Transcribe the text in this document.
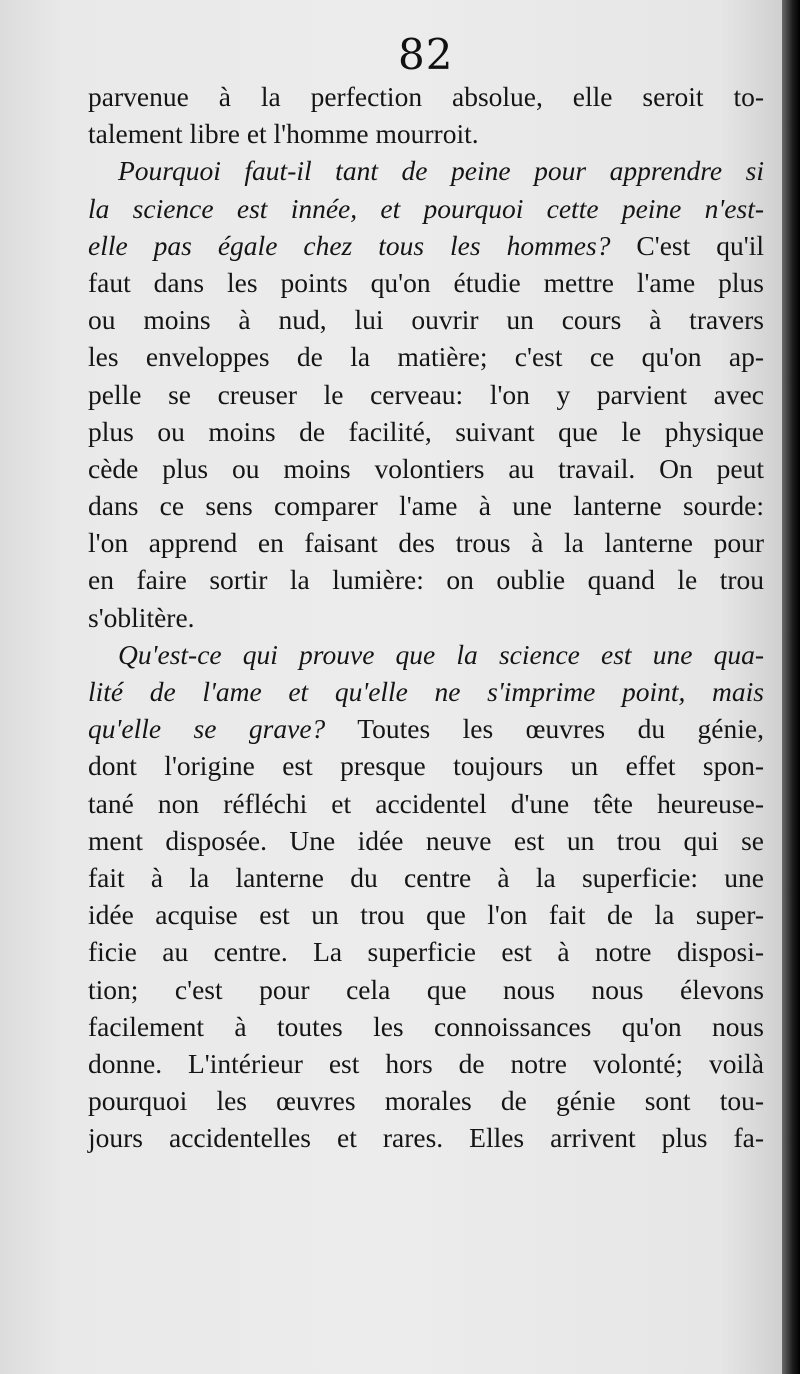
82
parvenue à la perfection absolue, elle seroit to-
talement libre et l'homme mourroit.
Pourquoi faut-il tant de peine pour apprendre si
la science est innée, et pourquoi cette peine n'est-
elle pas égale chez tous les hommes? C'est qu'il
faut dans les points qu'on étudie mettre l'ame plus
ou moins à nud, lui ouvrir un cours à travers
les enveloppes de la matière; c'est ce qu'on ap-
pelle se creuser le cerveau: l'on y parvient avec
plus ou moins de facilité, suivant que le physique
cède plus ou moins volontiers au travail. On peut
dans ce sens comparer l'ame à une lanterne sourde:
l'on apprend en faisant des trous à la lanterne pour
en faire sortir la lumière: on oublie quand le trou
s'oblitère.
Qu'est-ce qui prouve que la science est une qua-
lité de l'ame et qu'elle ne s'imprime point, mais
qu'elle se grave? Toutes les œuvres du génie,
dont l'origine est presque toujours un effet spon-
tané non réfléchi et accidentel d'une tête heureuse-
ment disposée. Une idée neuve est un trou qui se
fait à la lanterne du centre à la superficie: une
idée acquise est un trou que l'on fait de la super-
ficie au centre. La superficie est à notre disposi-
tion; c'est pour cela que nous nous élevons
facilement à toutes les connoissances qu'on nous
donne. L'intérieur est hors de notre volonté; voilà
pourquoi les œuvres morales de génie sont tou-
jours accidentelles et rares. Elles arrivent plus fa-
